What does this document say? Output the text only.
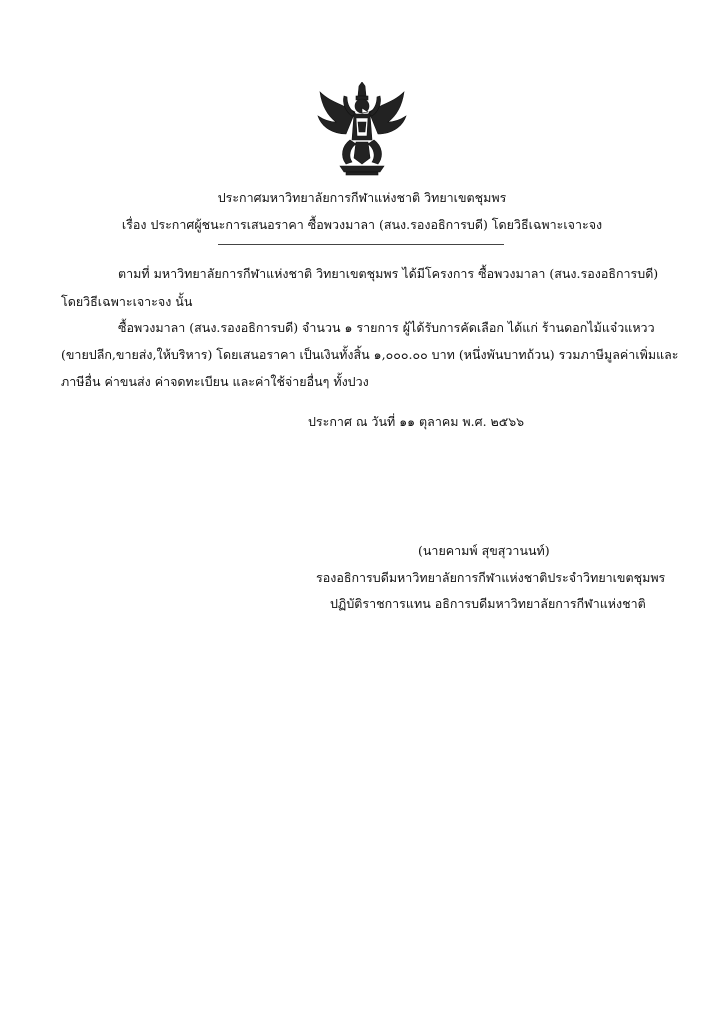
ประกาศมหาวิทยาลัยการกีฬาแห่งชาติ วิทยาเขตชุมพร
เรื่อง ประกาศผู้ชนะการเสนอราคา ซื้อพวงมาลา (สนง.รองอธิการบดี) โดยวิธีเฉพาะเจาะจง
ตามที่ มหาวิทยาลัยการกีฬาแห่งชาติ วิทยาเขตชุมพร ได้มีโครงการ ซื้อพวงมาลา (สนง.รองอธิการบดี)
โดยวิธีเฉพาะเจาะจง นั้น
ซื้อพวงมาลา (สนง.รองอธิการบดี) จำนวน ๑ รายการ ผู้ได้รับการคัดเลือก ได้แก่ ร้านดอกไม้แจ๋วแหวว
(ขายปลีก,ขายส่ง,ให้บริหาร) โดยเสนอราคา เป็นเงินทั้งสิ้น ๑,๐๐๐.๐๐ บาท (หนึ่งพันบาทถ้วน) รวมภาษีมูลค่าเพิ่มและ
ภาษีอื่น ค่าขนส่ง ค่าจดทะเบียน และค่าใช้จ่ายอื่นๆ ทั้งปวง
ประกาศ ณ วันที่ ๑๑ ตุลาคม พ.ศ. ๒๕๖๖
(นายคามพ์ สุขสุวานนท์)
รองอธิการบดีมหาวิทยาลัยการกีฬาแห่งชาติประจำวิทยาเขตชุมพร
ปฏิบัติราชการแทน อธิการบดีมหาวิทยาลัยการกีฬาแห่งชาติ
